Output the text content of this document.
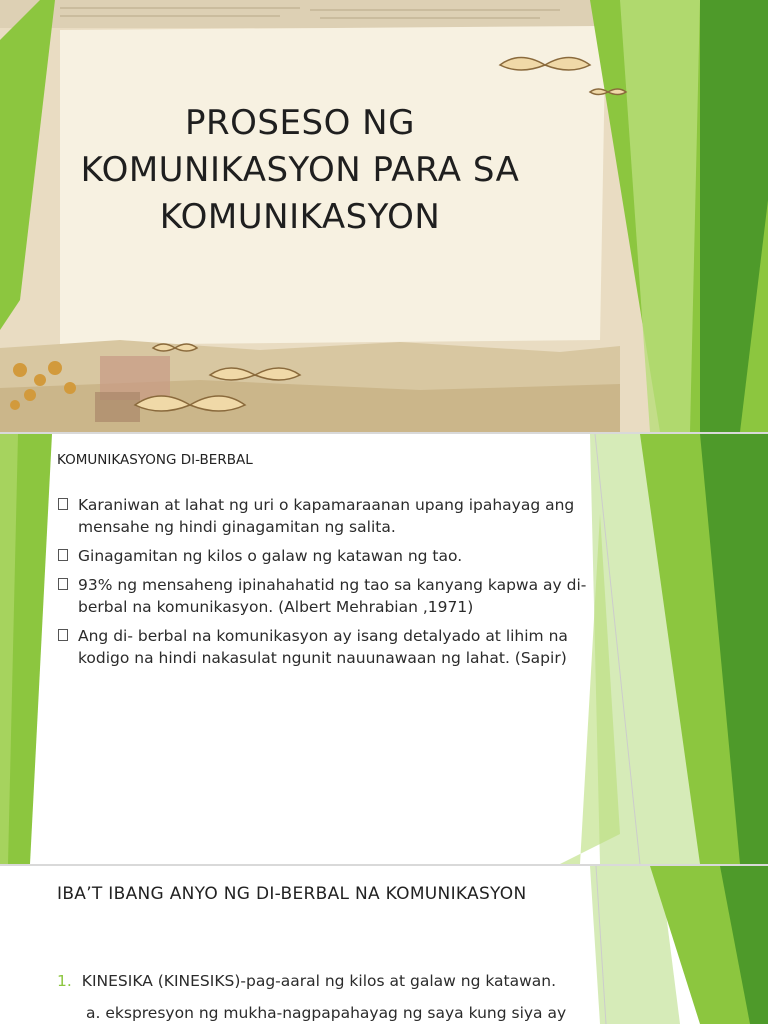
PROSESO NG
KOMUNIKASYON PARA SA
KOMUNIKASYON
KOMUNIKASYONG DI-BERBAL
Karaniwan at lahat ng uri o kapamaraanan upang ipahayag ang
mensahe ng hindi ginagamitan ng salita.
Ginagamitan ng kilos o galaw ng katawan ng tao.
93% ng mensaheng ipinahahatid ng tao sa kanyang kapwa ay di-
berbal na komunikasyon. (Albert Mehrabian ,1971)
Ang di- berbal na komunikasyon ay isang detalyado at lihim na
kodigo na hindi nakasulat ngunit nauunawaan ng lahat. (Sapir)
IBA’T IBANG ANYO NG DI-BERBAL NA KOMUNIKASYON
1. KINESIKA (KINESIKS)-pag-aaral ng kilos at galaw ng katawan.
a. ekspresyon ng mukha-nagpapahayag ng saya kung siya ay
